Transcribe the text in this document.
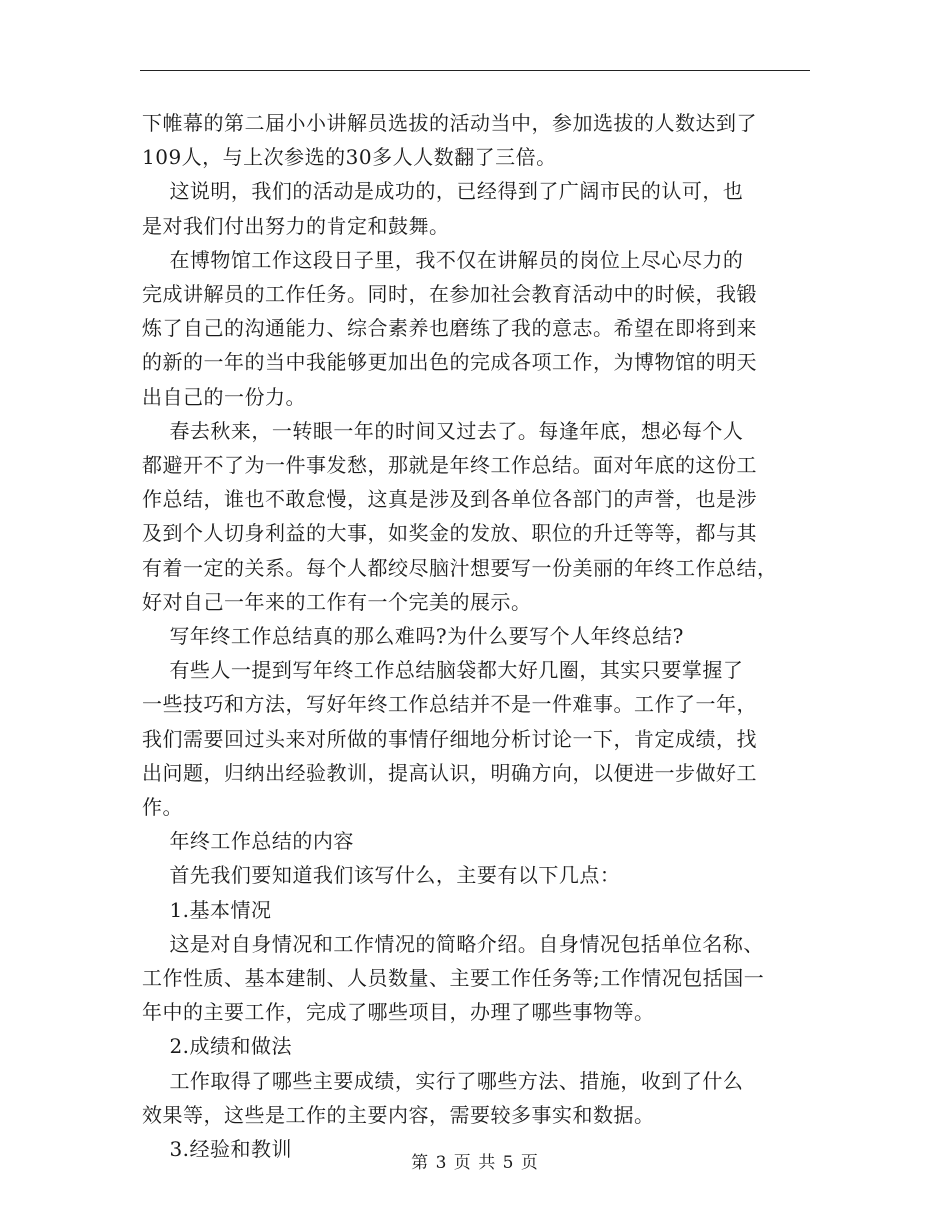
下帷幕的第二届小小讲解员选拔的活动当中，参加选拔的人数达到了

109人，与上次参选的30多人人数翻了三倍。

这说明，我们的活动是成功的，已经得到了广阔市民的认可，也

是对我们付出努力的肯定和鼓舞。

在博物馆工作这段日子里，我不仅在讲解员的岗位上尽心尽力的

完成讲解员的工作任务。同时，在参加社会教育活动中的时候，我锻

炼了自己的沟通能力、综合素养也磨练了我的意志。希望在即将到来

的新的一年的当中我能够更加出色的完成各项工作，为博物馆的明天

出自己的一份力。

春去秋来，一转眼一年的时间又过去了。每逢年底，想必每个人

都避开不了为一件事发愁，那就是年终工作总结。面对年底的这份工

作总结，谁也不敢怠慢，这真是涉及到各单位各部门的声誉，也是涉

及到个人切身利益的大事，如奖金的发放、职位的升迁等等，都与其

有着一定的关系。每个人都绞尽脑汁想要写一份美丽的年终工作总结，

好对自己一年来的工作有一个完美的展示。

写年终工作总结真的那么难吗?为什么要写个人年终总结?

有些人一提到写年终工作总结脑袋都大好几圈，其实只要掌握了

一些技巧和方法，写好年终工作总结并不是一件难事。工作了一年，

我们需要回过头来对所做的事情仔细地分析讨论一下，肯定成绩，找

出问题，归纳出经验教训，提高认识，明确方向，以便进一步做好工

作。

年终工作总结的内容

首先我们要知道我们该写什么，主要有以下几点：

1.基本情况

这是对自身情况和工作情况的简略介绍。自身情况包括单位名称、

工作性质、基本建制、人员数量、主要工作任务等;工作情况包括国一

年中的主要工作，完成了哪些项目，办理了哪些事物等。

2.成绩和做法

工作取得了哪些主要成绩，实行了哪些方法、措施，收到了什么

效果等，这些是工作的主要内容，需要较多事实和数据。

3.经验和教训

第 3 页 共 5 页
